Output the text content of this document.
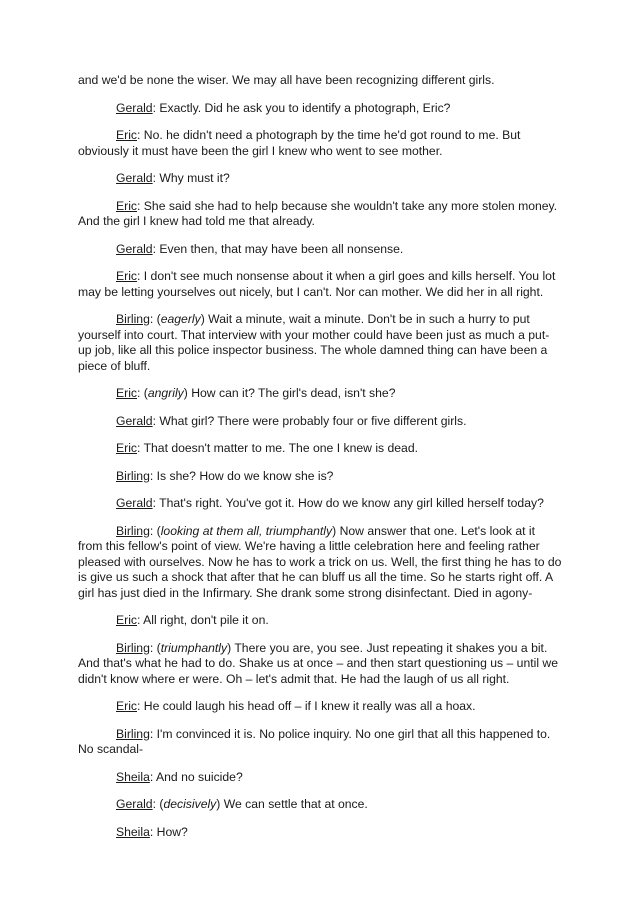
and we'd be none the wiser. We may all have been recognizing different girls.

Gerald: Exactly. Did he ask you to identify a photograph, Eric?

Eric: No. he didn't need a photograph by the time he'd got round to me. But obviously it must have been the girl I knew who went to see mother.

Gerald: Why must it?

Eric: She said she had to help because she wouldn't take any more stolen money. And the girl I knew had told me that already.

Gerald: Even then, that may have been all nonsense.

Eric: I don't see much nonsense about it when a girl goes and kills herself. You lot may be letting yourselves out nicely, but I can't. Nor can mother. We did her in all right.

Birling: (eagerly) Wait a minute, wait a minute. Don't be in such a hurry to put yourself into court. That interview with your mother could have been just as much a put-up job, like all this police inspector business. The whole damned thing can have been a piece of bluff.

Eric: (angrily) How can it? The girl's dead, isn't she?

Gerald: What girl? There were probably four or five different girls.

Eric: That doesn't matter to me. The one I knew is dead.

Birling: Is she? How do we know she is?

Gerald: That's right. You've got it. How do we know any girl killed herself today?

Birling: (looking at them all, triumphantly) Now answer that one. Let's look at it from this fellow's point of view. We're having a little celebration here and feeling rather pleased with ourselves. Now he has to work a trick on us. Well, the first thing he has to do is give us such a shock that after that he can bluff us all the time. So he starts right off. A girl has just died in the Infirmary. She drank some strong disinfectant. Died in agony-

Eric: All right, don't pile it on.

Birling: (triumphantly) There you are, you see. Just repeating it shakes you a bit. And that's what he had to do. Shake us at once – and then start questioning us – until we didn't know where er were. Oh – let's admit that. He had the laugh of us all right.

Eric: He could laugh his head off – if I knew it really was all a hoax.

Birling: I'm convinced it is. No police inquiry. No one girl that all this happened to. No scandal-

Sheila: And no suicide?

Gerald: (decisively) We can settle that at once.

Sheila: How?
